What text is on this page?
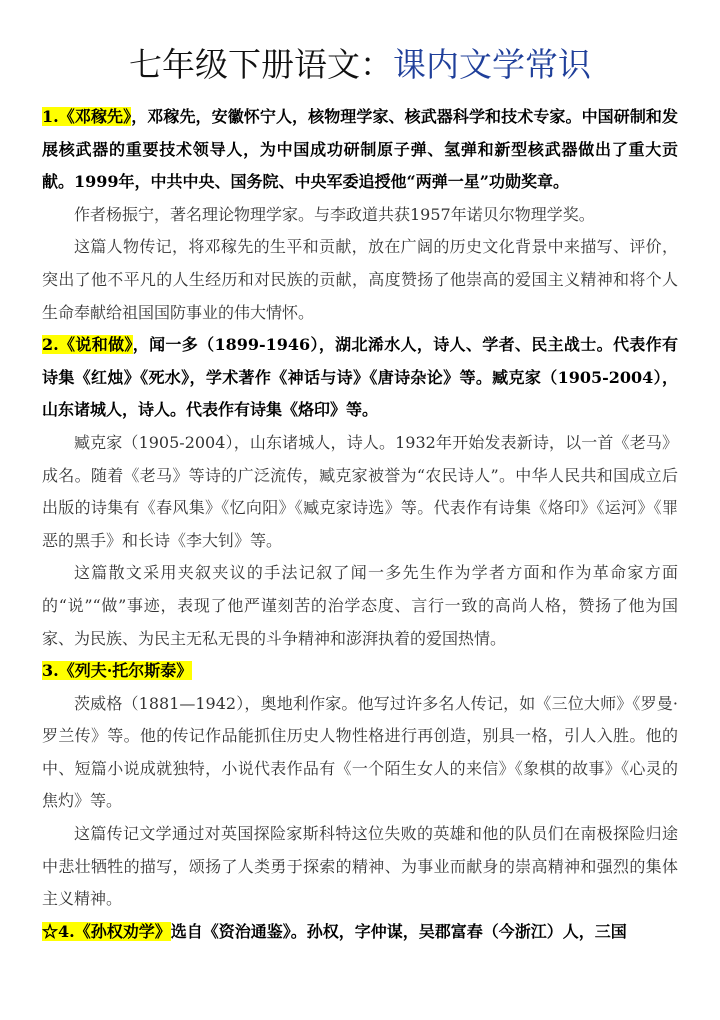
七年级下册语文：课内文学常识

1.《邓稼先》，邓稼先，安徽怀宁人，核物理学家、核武器科学和技术专家。中国研制和发展核武器的重要技术领导人，为中国成功研制原子弹、氢弹和新型核武器做出了重大贡献。1999年，中共中央、国务院、中央军委追授他“两弹一星”功勋奖章。

作者杨振宁，著名理论物理学家。与李政道共获1957年诺贝尔物理学奖。

这篇人物传记，将邓稼先的生平和贡献，放在广阔的历史文化背景中来描写、评价，突出了他不平凡的人生经历和对民族的贡献，高度赞扬了他崇高的爱国主义精神和将个人生命奉献给祖国国防事业的伟大情怀。

2.《说和做》，闻一多（1899-1946），湖北浠水人，诗人、学者、民主战士。代表作有诗集《红烛》《死水》，学术著作《神话与诗》《唐诗杂论》等。臧克家（1905-2004），山东诸城人，诗人。代表作有诗集《烙印》等。

臧克家（1905-2004），山东诸城人，诗人。1932年开始发表新诗，以一首《老马》成名。随着《老马》等诗的广泛流传，臧克家被誉为“农民诗人”。中华人民共和国成立后出版的诗集有《春风集》《忆向阳》《臧克家诗选》等。代表作有诗集《烙印》《运河》《罪恶的黑手》和长诗《李大钊》等。

这篇散文采用夹叙夹议的手法记叙了闻一多先生作为学者方面和作为革命家方面的“说”“做”事迹，表现了他严谨刻苦的治学态度、言行一致的高尚人格，赞扬了他为国家、为民族、为民主无私无畏的斗争精神和澎湃执着的爱国热情。

3.《列夫·托尔斯泰》

茨威格（1881—1942），奥地利作家。他写过许多名人传记，如《三位大师》《罗曼·罗兰传》等。他的传记作品能抓住历史人物性格进行再创造，别具一格，引人入胜。他的中、短篇小说成就独特，小说代表作品有《一个陌生女人的来信》《象棋的故事》《心灵的焦灼》等。

这篇传记文学通过对英国探险家斯科特这位失败的英雄和他的队员们在南极探险归途中悲壮牺牲的描写，颂扬了人类勇于探索的精神、为事业而献身的崇高精神和强烈的集体主义精神。

☆4.《孙权劝学》选自《资治通鉴》。孙权，字仲谋，吴郡富春（今浙江）人，三国
